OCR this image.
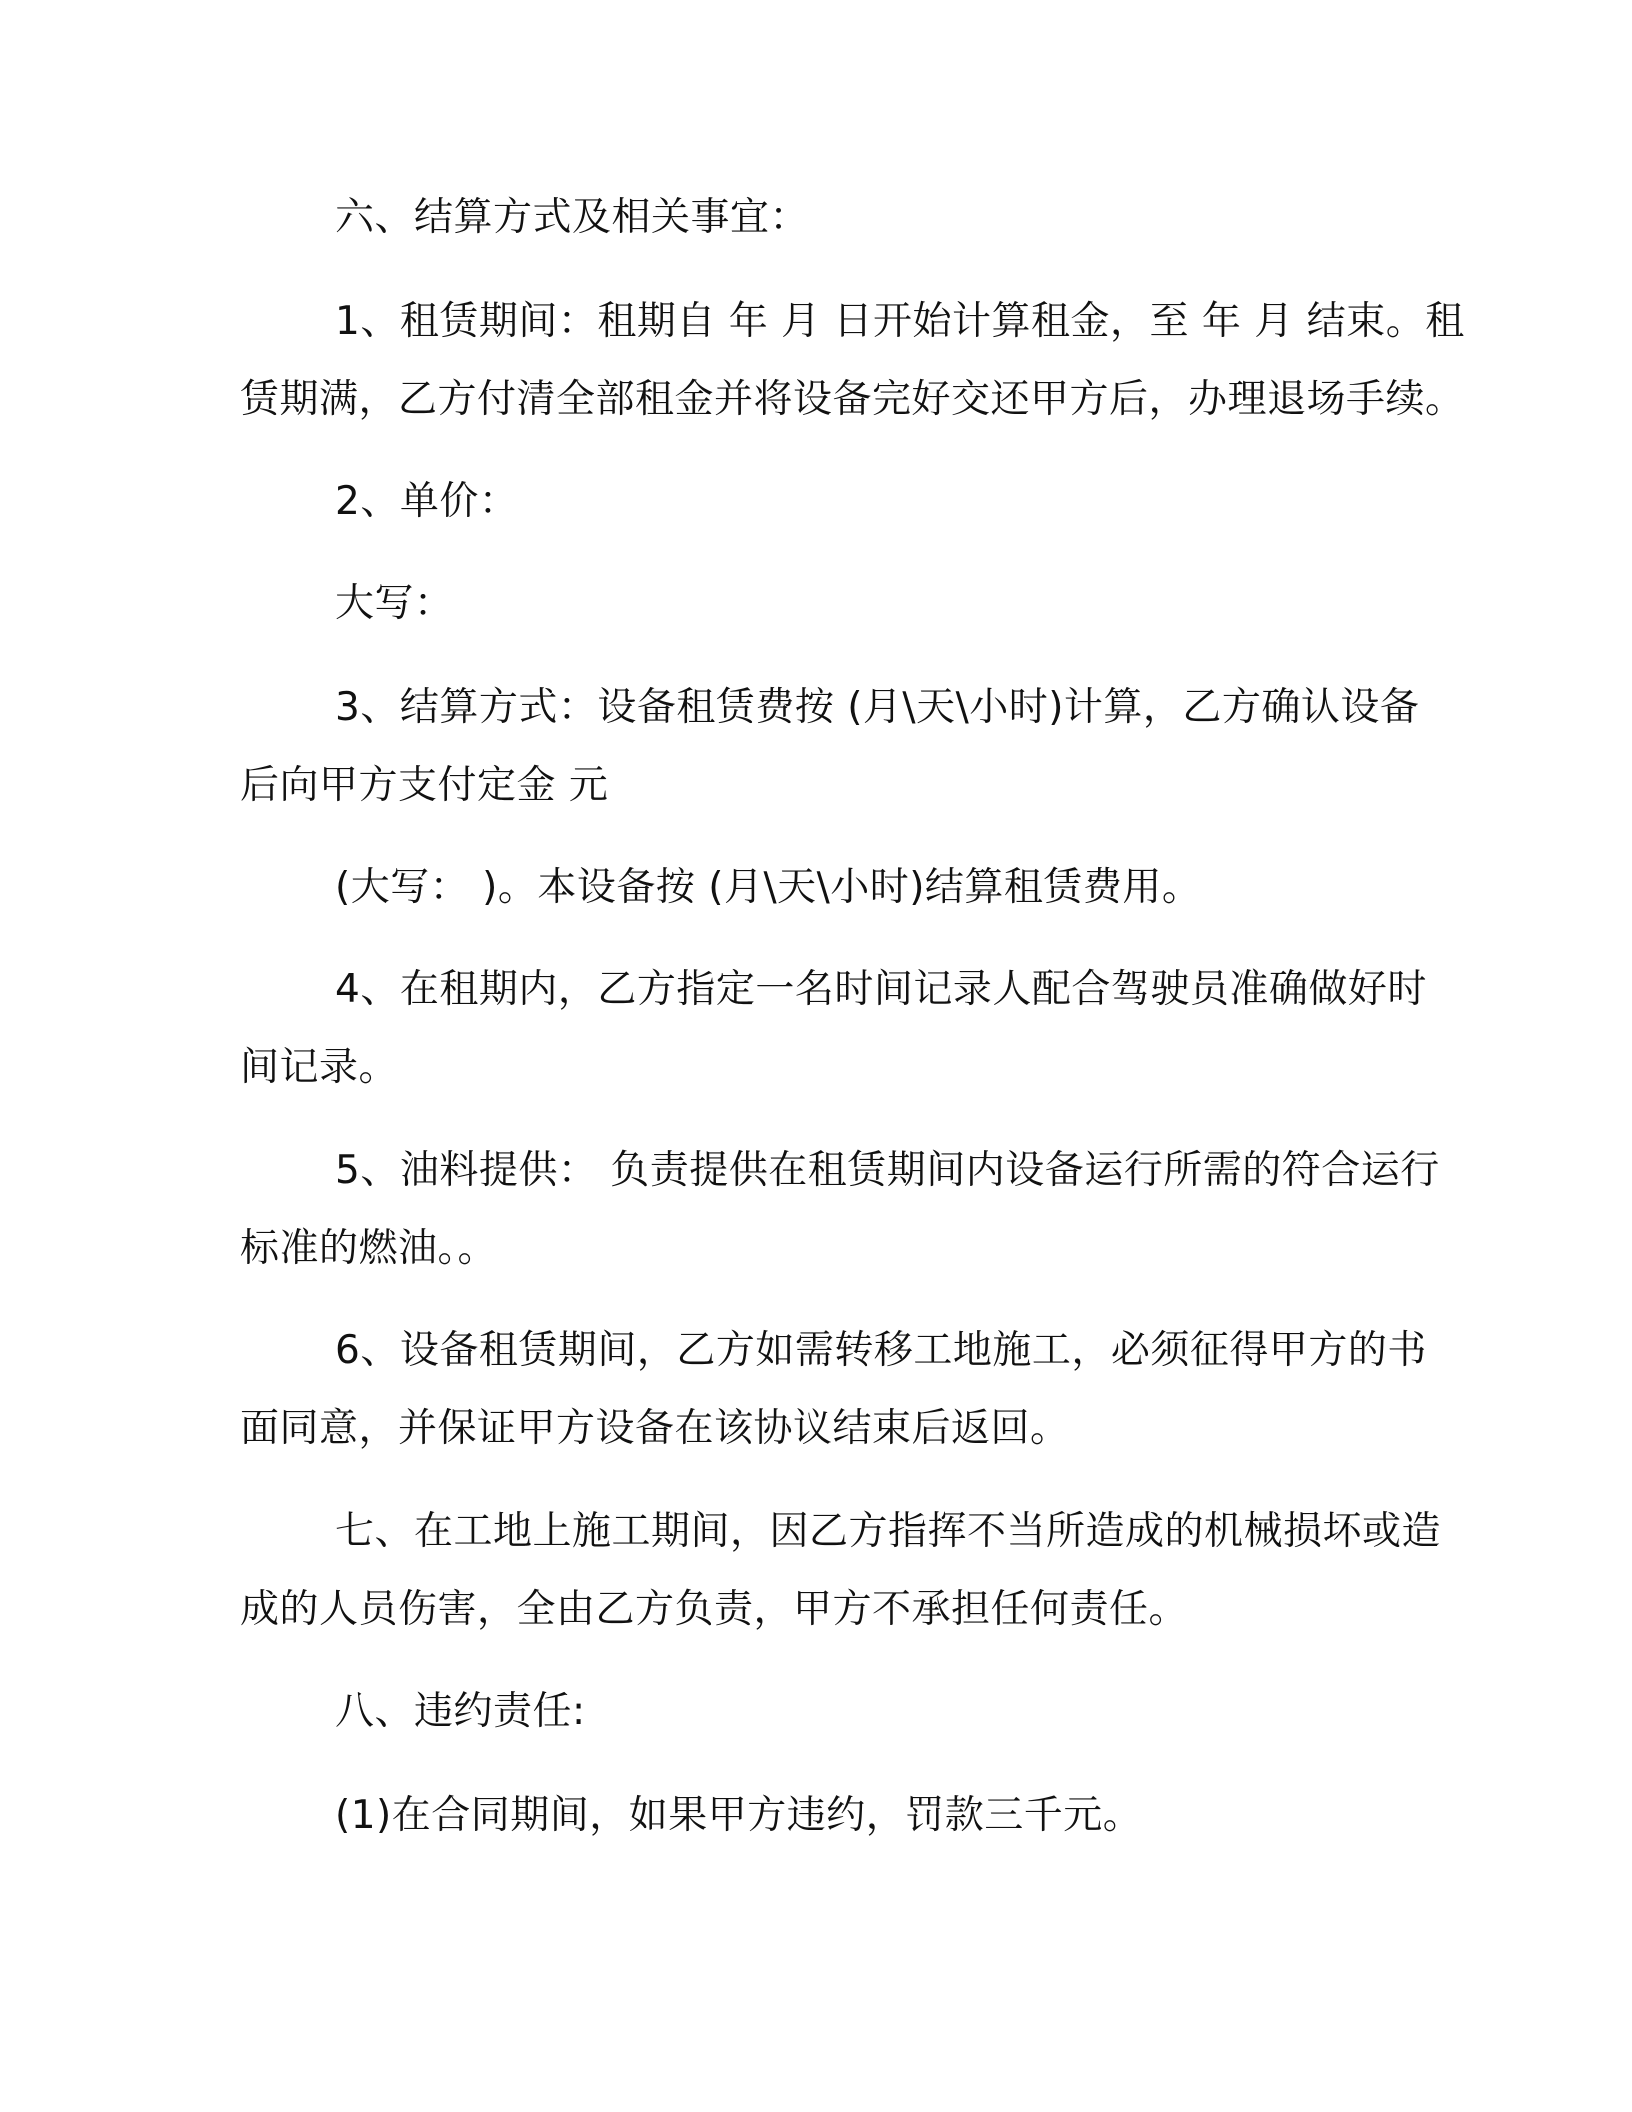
六、结算方式及相关事宜：
1、租赁期间：租期自 年 月 日开始计算租金，至 年 月 结束。租
赁期满，乙方付清全部租金并将设备完好交还甲方后，办理退场手续。
2、单价：
大写：
3、结算方式：设备租赁费按 (月\天\小时)计算，乙方确认设备
后向甲方支付定金 元
(大写： )。本设备按 (月\天\小时)结算租赁费用。
4、在租期内，乙方指定一名时间记录人配合驾驶员准确做好时
间记录。
5、油料提供： 负责提供在租赁期间内设备运行所需的符合运行
标准的燃油。。
6、设备租赁期间，乙方如需转移工地施工，必须征得甲方的书
面同意，并保证甲方设备在该协议结束后返回。
七、在工地上施工期间，因乙方指挥不当所造成的机械损坏或造
成的人员伤害，全由乙方负责，甲方不承担任何责任。
八、违约责任:
(1)在合同期间，如果甲方违约，罚款三千元。
